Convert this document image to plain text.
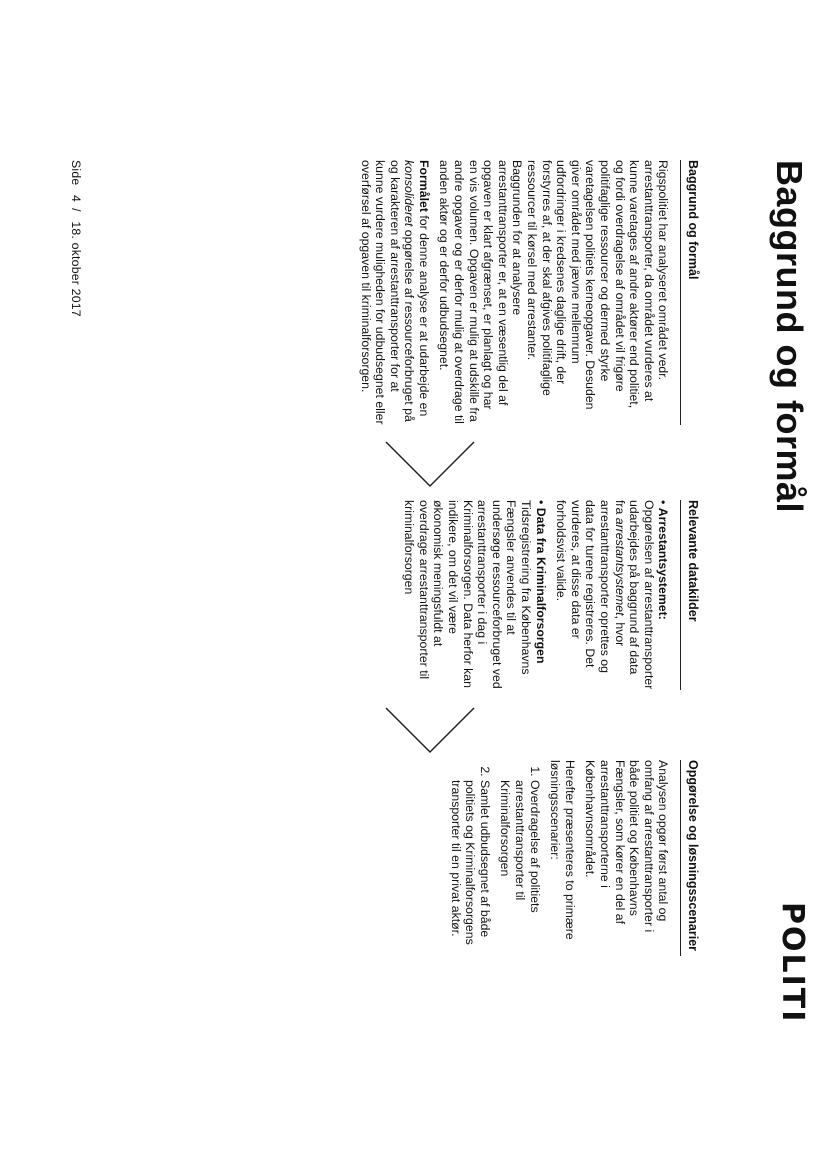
Baggrund og formål
POLITI
Baggrund og formål

Rigspolitiet har analyseret området vedr. arrestanttransporter, da området vurderes at kunne varetages af andre aktører end politiet, og fordi overdragelse af området vil frigøre politifaglige ressourcer og dermed styrke varetagelsen politiets kerneopgaver. Desuden giver området med jævne mellemrum udfordringer i kredsenes daglige drift, der forstyrres af, at der skal afgives politifaglige ressourcer til kørsel med arrestanter. Baggrunden for at analysere arrestanttransporter er, at en væsentlig del af opgaven er klart afgrænset, er planlagt og har en vis volumen. Opgaven er mulig at udskille fra andre opgaver og er derfor mulig at overdrage til anden aktør og er derfor udbudsegnet.

Formålet for denne analyse er at udarbejde en konsolideret opgørelse af ressourceforbruget på og karakteren af arrestanttransporter for at kunne vurdere muligheden for udbudsegnet eller overførsel af opgaven til kriminalforsorgen.

Relevante datakilder

• Arrestantsystemet:
Opgørelsen af arrestanttransporter udarbejdes på baggrund af data fra arrestantsystemet, hvor arrestanttransporter oprettes og data for turene registreres. Det vurderes, at disse data er forholdsvist valide.

• Data fra Kriminalforsorgen
Tidsregistrering fra Københavns Fængsler anvendes til at undersøge ressourceforbruget ved arrestanttransporter i dag i Kriminalforsorgen. Data herfor kan indikere, om det vil være økonomisk meningsfuldt at overdrage arrestanttransporter til kriminalforsorgen

Opgørelse og løsningsscenarier

Analysen opgør først antal og omfang af arrestanttransporter i både politiet og Københavns Fængsler, som kører en del af arrestanttransporterne i Københavnsområdet.

Herefter præsenteres to primære løsningsscenarier:

1. Overdragelse af politiets arrestanttransporter til Kriminalforsorgen
2. Samlet udbudsegnet af både politiets og Kriminalforsorgens transporter til en privat aktør.
Side 4/ 18. oktober 2017
